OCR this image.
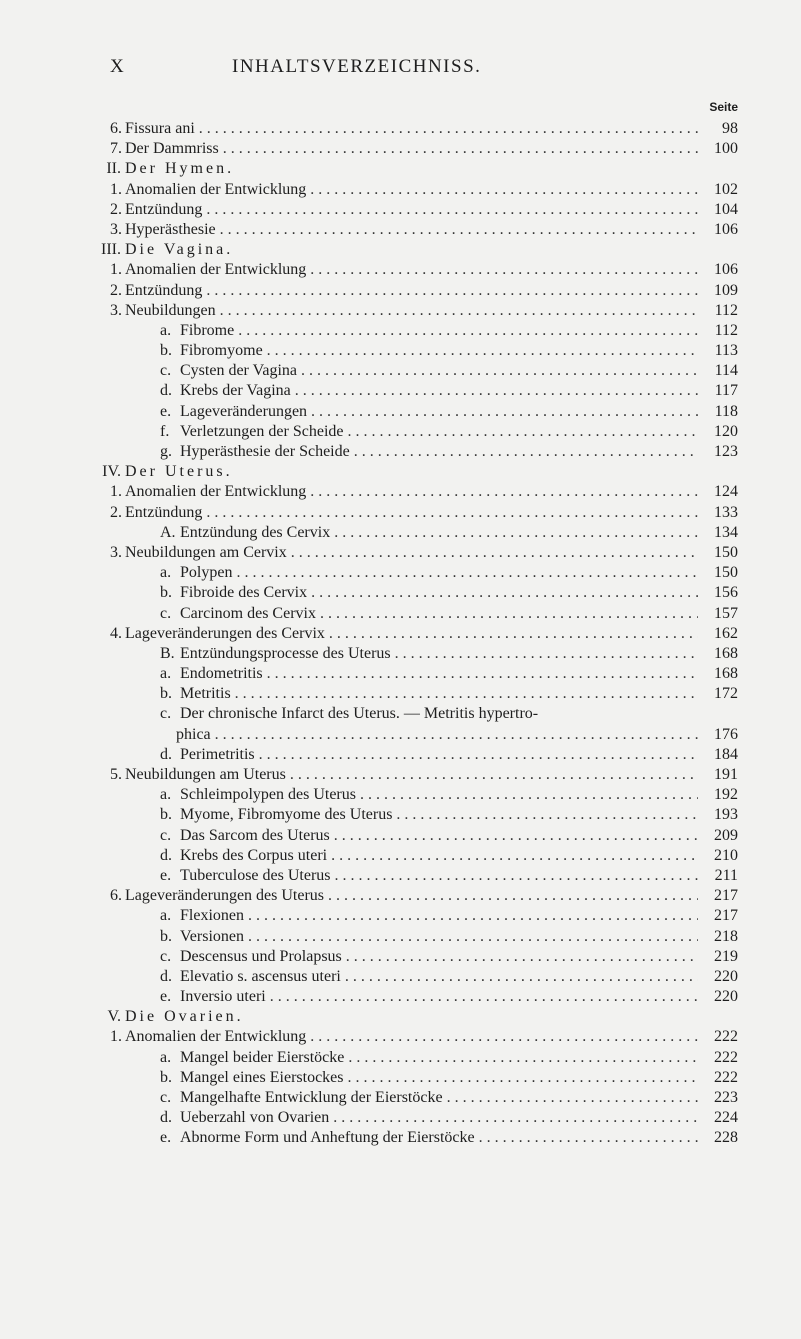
X	INHALTSVERZEICHNISS.
Seite
6. Fissura ani . . .	98
7. Der Dammriss . . .	100
II. Der Hymen.
1. Anomalien der Entwicklung . . .	102
2. Entzündung . . .	104
3. Hyperästhesie . . .	106
III. Die Vagina.
1. Anomalien der Entwicklung . . .	106
2. Entzündung . . .	109
3. Neubildungen . . .	112
a. Fibrome . . .	112
b. Fibromyome . . .	113
c. Cysten der Vagina . . .	114
d. Krebs der Vagina . . .	117
e. Lageveränderungen . . .	118
f. Verletzungen der Scheide . . .	120
g. Hyperästhesie der Scheide . . .	123
IV. Der Uterus.
1. Anomalien der Entwicklung . . .	124
2. Entzündung . . .	133
A. Entzündung des Cervix . . .	134
3. Neubildungen am Cervix . . .	150
a. Polypen . . .	150
b. Fibroide des Cervix . . .	156
c. Carcinom des Cervix . . .	157
4. Lageveränderungen des Cervix . . .	162
B. Entzündungsprocesse des Uterus . . .	168
a. Endometritis . . .	168
b. Metritis . . .	172
c. Der chronische Infarct des Uterus. — Metritis hypertro-
phica . . .	176
d. Perimetritis . . .	184
5. Neubildungen am Uterus . . .	191
a. Schleimpolypen des Uterus . . .	192
b. Myome, Fibromyome des Uterus . . .	193
c. Das Sarcom des Uterus . . .	209
d. Krebs des Corpus uteri . . .	210
e. Tuberculose des Uterus . . .	211
6. Lageveränderungen des Uterus . . .	217
a. Flexionen . . .	217
b. Versionen . . .	218
c. Descensus und Prolapsus . . .	219
d. Elevatio s. ascensus uteri . . .	220
e. Inversio uteri . . .	220
V. Die Ovarien.
1. Anomalien der Entwicklung . . .	222
a. Mangel beider Eierstöcke . . .	222
b. Mangel eines Eierstockes . . .	222
c. Mangelhafte Entwicklung der Eierstöcke . . .	223
d. Ueberzahl von Ovarien . . .	224
e. Abnorme Form und Anheftung der Eierstöcke . . .	228
